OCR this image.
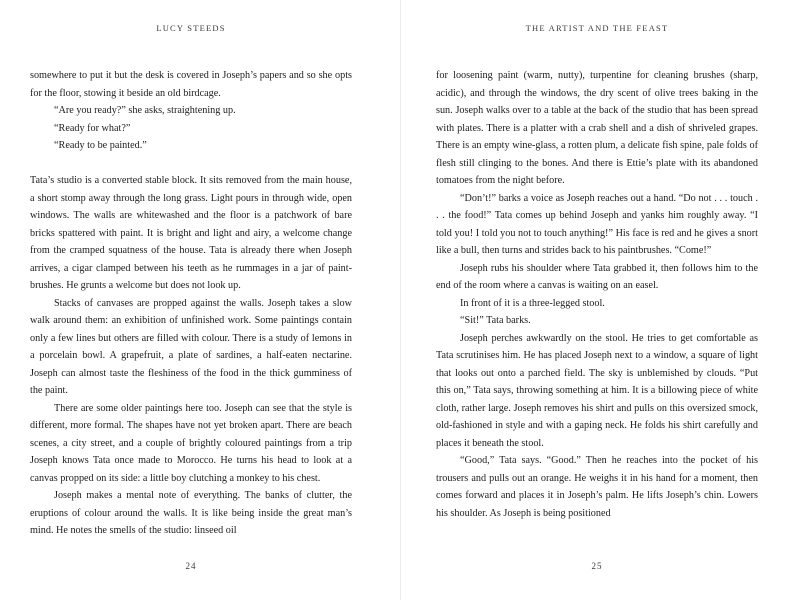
LUCY STEEDS

somewhere to put it but the desk is covered in Joseph’s papers and so she opts for the floor, stowing it beside an old birdcage.

“Are you ready?” she asks, straightening up.

“Ready for what?”

“Ready to be painted.”

Tata’s studio is a converted stable block. It sits removed from the main house, a short stomp away through the long grass. Light pours in through wide, open windows. The walls are whitewashed and the floor is a patchwork of bare bricks spattered with paint. It is bright and light and airy, a welcome change from the cramped squatness of the house. Tata is already there when Joseph arrives, a cigar clamped between his teeth as he rummages in a jar of paint-brushes. He grunts a welcome but does not look up.

Stacks of canvases are propped against the walls. Joseph takes a slow walk around them: an exhibition of unfinished work. Some paintings contain only a few lines but others are filled with colour. There is a study of lemons in a porcelain bowl. A grapefruit, a plate of sardines, a half-eaten nectarine. Joseph can almost taste the fleshiness of the food in the thick gumminess of the paint.

There are some older paintings here too. Joseph can see that the style is different, more formal. The shapes have not yet broken apart. There are beach scenes, a city street, and a couple of brightly coloured paintings from a trip Joseph knows Tata once made to Morocco. He turns his head to look at a canvas propped on its side: a little boy clutching a monkey to his chest.

Joseph makes a mental note of everything. The banks of clutter, the eruptions of colour around the walls. It is like being inside the great man’s mind. He notes the smells of the studio: linseed oil

24
THE ARTIST AND THE FEAST

for loosening paint (warm, nutty), turpentine for cleaning brushes (sharp, acidic), and through the windows, the dry scent of olive trees baking in the sun. Joseph walks over to a table at the back of the studio that has been spread with plates. There is a platter with a crab shell and a dish of shriveled grapes. There is an empty wine-glass, a rotten plum, a delicate fish spine, pale folds of flesh still clinging to the bones. And there is Ettie’s plate with its abandoned tomatoes from the night before.

“Don’t!” barks a voice as Joseph reaches out a hand. “Do not . . . touch . . . the food!” Tata comes up behind Joseph and yanks him roughly away. “I told you! I told you not to touch anything!” His face is red and he gives a snort like a bull, then turns and strides back to his paintbrushes. “Come!”

Joseph rubs his shoulder where Tata grabbed it, then follows him to the end of the room where a canvas is waiting on an easel.

In front of it is a three-legged stool.

“Sit!” Tata barks.

Joseph perches awkwardly on the stool. He tries to get comfortable as Tata scrutinises him. He has placed Joseph next to a window, a square of light that looks out onto a parched field. The sky is unblemished by clouds. “Put this on,” Tata says, throwing something at him. It is a billowing piece of white cloth, rather large. Joseph removes his shirt and pulls on this oversized smock, old-fashioned in style and with a gaping neck. He folds his shirt carefully and places it beneath the stool.

“Good,” Tata says. “Good.” Then he reaches into the pocket of his trousers and pulls out an orange. He weighs it in his hand for a moment, then comes forward and places it in Joseph’s palm. He lifts Joseph’s chin. Lowers his shoulder. As Joseph is being positioned

25
